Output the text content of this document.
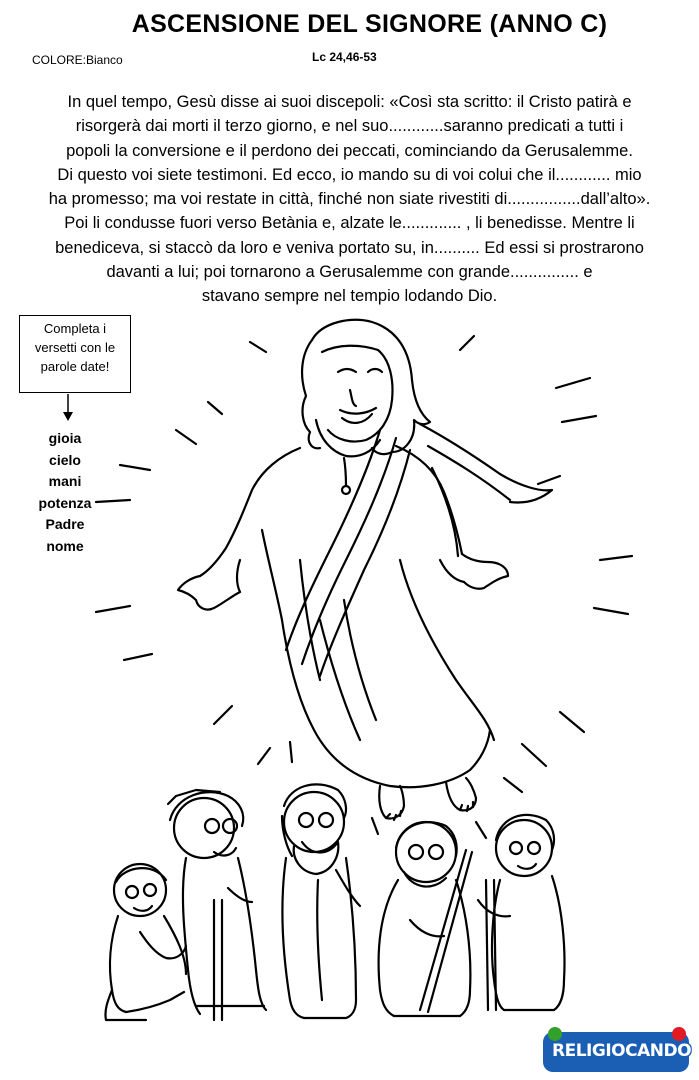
ASCENSIONE DEL SIGNORE (ANNO C)
COLORE:Bianco	Lc 24,46-53
In quel tempo, Gesù disse ai suoi discepoli: «Così sta scritto: il Cristo patirà e
risorgerà dai morti il terzo giorno, e nel suo............saranno predicati a tutti i
popoli la conversione e il perdono dei peccati, cominciando da Gerusalemme.
Di questo voi siete testimoni. Ed ecco, io mando su di voi colui che il............ mio
ha promesso; ma voi restate in città, finché non siate rivestiti di................dall’alto».
Poi li condusse fuori verso Betània e, alzate le............. , li benedisse. Mentre li
benediceva, si staccò da loro e veniva portato su, in.......... Ed essi si prostrarono
davanti a lui; poi tornarono a Gerusalemme con grande............... e
stavano sempre nel tempio lodando Dio.
Completa i versetti con le parole date!
gioia
cielo
mani
potenza
Padre
nome
RELIGIOCANDO
